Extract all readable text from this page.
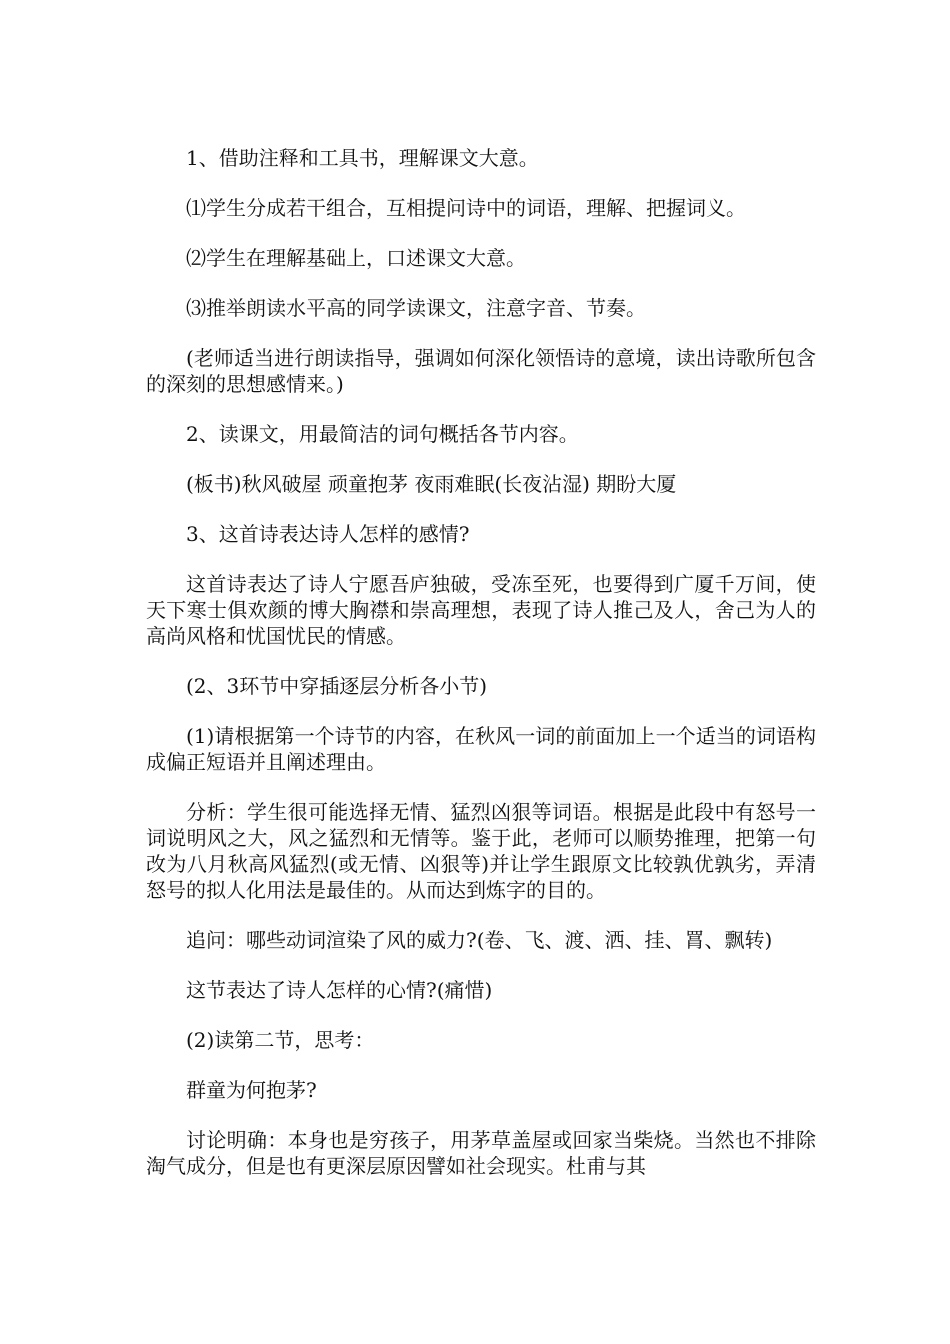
1、借助注释和工具书，理解课文大意。

⑴学生分成若干组合，互相提问诗中的词语，理解、把握词义。

⑵学生在理解基础上，口述课文大意。

⑶推举朗读水平高的同学读课文，注意字音、节奏。

(老师适当进行朗读指导，强调如何深化领悟诗的意境，读出诗歌所包含的深刻的思想感情来。)

2、读课文，用最简洁的词句概括各节内容。

(板书)秋风破屋 顽童抱茅 夜雨难眠(长夜沾湿) 期盼大厦

3、这首诗表达诗人怎样的感情?

这首诗表达了诗人宁愿吾庐独破，受冻至死，也要得到广厦千万间，使天下寒士俱欢颜的博大胸襟和崇高理想，表现了诗人推己及人，舍己为人的高尚风格和忧国忧民的情感。

(2、3环节中穿插逐层分析各小节)

(1)请根据第一个诗节的内容，在秋风一词的前面加上一个适当的词语构成偏正短语并且阐述理由。

分析：学生很可能选择无情、猛烈凶狠等词语。根据是此段中有怒号一词说明风之大，风之猛烈和无情等。鉴于此，老师可以顺势推理，把第一句改为八月秋高风猛烈(或无情、凶狠等)并让学生跟原文比较孰优孰劣，弄清怒号的拟人化用法是最佳的。从而达到炼字的目的。

追问：哪些动词渲染了风的威力?(卷、飞、渡、洒、挂、罥、飘转)

这节表达了诗人怎样的心情?(痛惜)

(2)读第二节，思考：

群童为何抱茅?

讨论明确：本身也是穷孩子，用茅草盖屋或回家当柴烧。当然也不排除淘气成分，但是也有更深层原因譬如社会现实。杜甫与其
